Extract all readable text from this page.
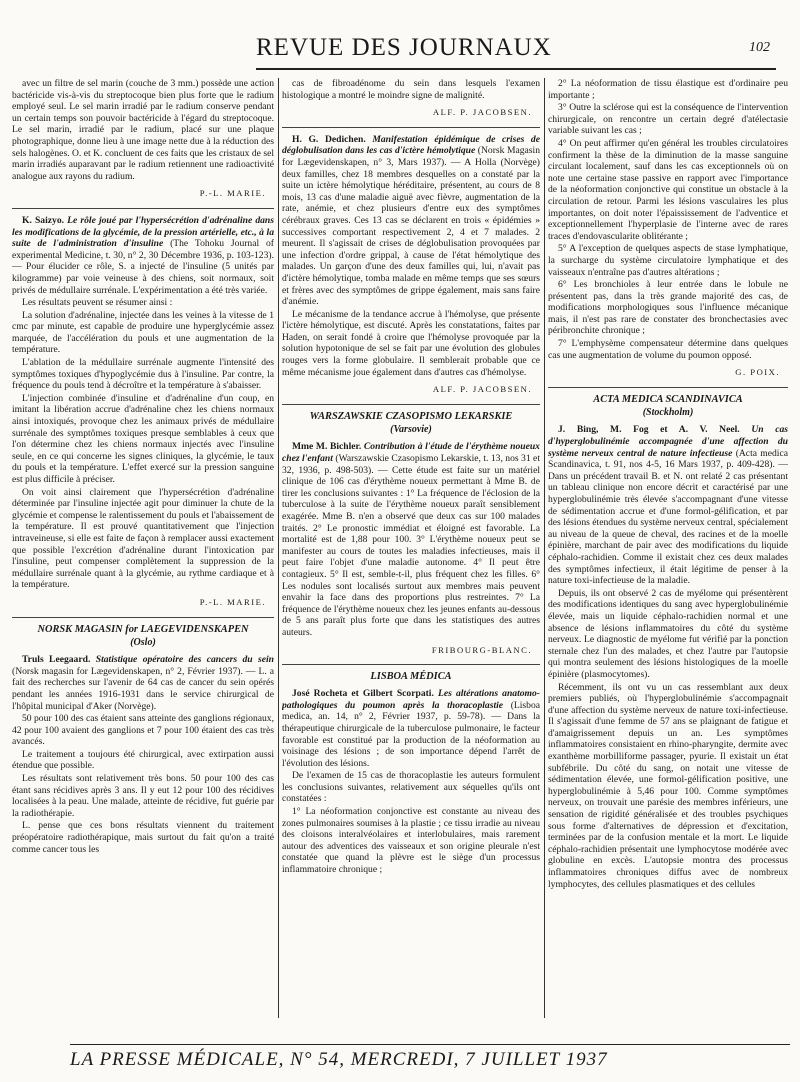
REVUE DES JOURNAUX	102

avec un filtre de sel marin (couche de 3 mm.) possède une action bactéricide vis-à-vis du streptocoque bien plus forte que le radium employé seul. Le sel marin irradié par le radium conserve pendant un certain temps son pouvoir bactéricide à l'égard du streptocoque. Le sel marin, irradié par le radium, placé sur une plaque photographique, donne lieu à une image nette due à la réduction des sels halogènes. O. et K. concluent de ces faits que les cristaux de sel marin irradiés auparavant par le radium retiennent une radioactivité analogue aux rayons du radium.

P.-L. MARIE.

K. Saizyo. Le rôle joué par l'hypersécrétion d'adrénaline dans les modifications de la glycémie, de la pression artérielle, etc., à la suite de l'administration d'insuline (The Tohoku Journal of experimental Medicine, t. 30, n° 2, 30 Décembre 1936, p. 103-123). — Pour élucider ce rôle, S. a injecté de l'insuline (5 unités par kilogramme) par voie veineuse à des chiens, soit normaux, soit privés de médullaire surrénale. L'expérimentation a été très variée.

Les résultats peuvent se résumer ainsi :

La solution d'adrénaline, injectée dans les veines à la vitesse de 1 cmc par minute, est capable de produire une hyperglycémie assez marquée, de l'accélération du pouls et une augmentation de la température.

L'ablation de la médullaire surrénale augmente l'intensité des symptômes toxiques d'hypoglycémie dus à l'insuline. Par contre, la fréquence du pouls tend à décroître et la température à s'abaisser.

L'injection combinée d'insuline et d'adrénaline d'un coup, en imitant la libération accrue d'adrénaline chez les chiens normaux ainsi intoxiqués, provoque chez les animaux privés de médullaire surrénale des symptômes toxiques presque semblables à ceux que l'on détermine chez les chiens normaux injectés avec l'insuline seule, en ce qui concerne les signes cliniques, la glycémie, le taux du pouls et la température. L'effet exercé sur la pression sanguine est plus difficile à préciser.

On voit ainsi clairement que l'hypersécrétion d'adrénaline déterminée par l'insuline injectée agit pour diminuer la chute de la glycémie et compense le ralentissement du pouls et l'abaissement de la température. Il est prouvé quantitativement que l'injection intraveineuse, si elle est faite de façon à remplacer aussi exactement que possible l'excrétion d'adrénaline durant l'intoxication par l'insuline, peut compenser complètement la suppression de la médullaire surrénale quant à la glycémie, au rythme cardiaque et à la température.

P.-L. MARIE.

NORSK MAGASIN for LAEGEVIDENSKAPEN

(Oslo)

Truls Leegaard. Statistique opératoire des cancers du sein (Norsk magasin for Lægevidenskapen, n° 2, Février 1937). — L. a fait des recherches sur l'avenir de 64 cas de cancer du sein opérés pendant les années 1916-1931 dans le service chirurgical de l'hôpital municipal d'Aker (Norvège).

50 pour 100 des cas étaient sans atteinte des ganglions régionaux, 42 pour 100 avaient des ganglions et 7 pour 100 étaient des cas très avancés.

Le traitement a toujours été chirurgical, avec extirpation aussi étendue que possible.

Les résultats sont relativement très bons. 50 pour 100 des cas étant sans récidives après 3 ans. Il y eut 12 pour 100 des récidives localisées à la peau. Une malade, atteinte de récidive, fut guérie par la radiothérapie.

L. pense que ces bons résultats viennent du traitement préopératoire radiothérapique, mais surtout du fait qu'on a traité comme cancer tous les

cas de fibroadénome du sein dans lesquels l'examen histologique a montré le moindre signe de malignité.

ALF. P. JACOBSEN.

H. G. Dedichen. Manifestation épidémique de crises de déglobulisation dans les cas d'ictère hémolytique (Norsk Magasin for Lægevidenskapen, n° 3, Mars 1937). — A Holla (Norvège) deux familles, chez 18 membres desquelles on a constaté par la suite un ictère hémolytique héréditaire, présentent, au cours de 8 mois, 13 cas d'une maladie aiguë avec fièvre, augmentation de la rate, anémie, et chez plusieurs d'entre eux des symptômes cérébraux graves. Ces 13 cas se déclarent en trois « épidémies » successives comportant respectivement 2, 4 et 7 malades. 2 meurent. Il s'agissait de crises de déglobulisation provoquées par une infection d'ordre grippal, à cause de l'état hémolytique des malades. Un garçon d'une des deux familles qui, lui, n'avait pas d'ictère hémolytique, tomba malade en même temps que ses sœurs et frères avec des symptômes de grippe également, mais sans faire d'anémie.

Le mécanisme de la tendance accrue à l'hémolyse, que présente l'ictère hémolytique, est discuté. Après les constatations, faites par Haden, on serait fondé à croire que l'hémolyse provoquée par la solution hypotonique de sel se fait par une évolution des globules rouges vers la forme globulaire. Il semblerait probable que ce même mécanisme joue également dans d'autres cas d'hémolyse.

ALF. P. JACOBSEN.

WARSZAWSKIE CZASOPISMO LEKARSKIE

(Varsovie)

Mme M. Bichler. Contribution à l'étude de l'érythème noueux chez l'enfant (Warszawskie Czasopismo Lekarskie, t. 13, nos 31 et 32, 1936, p. 498-503). — Cette étude est faite sur un matériel clinique de 106 cas d'érythème noueux permettant à Mme B. de tirer les conclusions suivantes : 1° La fréquence de l'éclosion de la tuberculose à la suite de l'érythème noueux paraît sensiblement exagérée. Mme B. n'en a observé que deux cas sur 100 malades traités. 2° Le pronostic immédiat et éloigné est favorable. La mortalité est de 1,88 pour 100. 3° L'érythème noueux peut se manifester au cours de toutes les maladies infectieuses, mais il peut faire l'objet d'une maladie autonome. 4° Il peut être contagieux. 5° Il est, semble-t-il, plus fréquent chez les filles. 6° Les nodules sont localisés surtout aux membres mais peuvent envahir la face dans des proportions plus restreintes. 7° La fréquence de l'érythème noueux chez les jeunes enfants au-dessous de 5 ans paraît plus forte que dans les statistiques des autres auteurs.

FRIBOURG-BLANC.

LISBOA MÉDICA

José Rocheta et Gilbert Scorpati. Les altérations anatomo-pathologiques du poumon après la thoracoplastie (Lisboa medica, an. 14, n° 2, Février 1937, p. 59-78). — Dans la thérapeutique chirurgicale de la tuberculose pulmonaire, le facteur favorable est constitué par la production de la néoformation au voisinage des lésions ; de son importance dépend l'arrêt de l'évolution des lésions.

De l'examen de 15 cas de thoracoplastie les auteurs formulent les conclusions suivantes, relativement aux séquelles qu'ils ont constatées :

1° La néoformation conjonctive est constante au niveau des zones pulmonaires soumises à la plastie ; ce tissu irradie au niveau des cloisons interalvéolaires et interlobulaires, mais rarement autour des adventices des vaisseaux et son origine pleurale n'est constatée que quand la plèvre est le siège d'un processus inflammatoire chronique ;

2° La néoformation de tissu élastique est d'ordinaire peu importante ;

3° Outre la sclérose qui est la conséquence de l'intervention chirurgicale, on rencontre un certain degré d'atélectasie variable suivant les cas ;

4° On peut affirmer qu'en général les troubles circulatoires confirment la thèse de la diminution de la masse sanguine circulant localement, sauf dans les cas exceptionnels où on note une certaine stase passive en rapport avec l'importance de la néoformation conjonctive qui constitue un obstacle à la circulation de retour. Parmi les lésions vasculaires les plus importantes, on doit noter l'épaississement de l'adventice et exceptionnellement l'hyperplasie de l'interne avec de rares traces d'endovascularite oblitérante ;

5° A l'exception de quelques aspects de stase lymphatique, la surcharge du système circulatoire lymphatique et des vaisseaux n'entraîne pas d'autres altérations ;

6° Les bronchioles à leur entrée dans le lobule ne présentent pas, dans la très grande majorité des cas, de modifications morphologiques sous l'influence mécanique mais, il n'est pas rare de constater des bronchectasies avec péribronchite chronique ;

7° L'emphysème compensateur détermine dans quelques cas une augmentation de volume du poumon opposé.

G. POIX.

ACTA MEDICA SCANDINAVICA

(Stockholm)

J. Bing, M. Fog et A. V. Neel. Un cas d'hyperglobulinémie accompagnée d'une affection du système nerveux central de nature infectieuse (Acta medica Scandinavica, t. 91, nos 4-5, 16 Mars 1937, p. 409-428). — Dans un précédent travail B. et N. ont relaté 2 cas présentant un tableau clinique non encore décrit et caractérisé par une hyperglobulinémie très élevée s'accompagnant d'une vitesse de sédimentation accrue et d'une formol-gélification, et par des lésions étendues du système nerveux central, spécialement au niveau de la queue de cheval, des racines et de la moelle épinière, marchant de pair avec des modifications du liquide céphalo-rachidien. Comme il existait chez ces deux malades des symptômes infectieux, il était légitime de penser à la nature toxi-infectieuse de la maladie.

Depuis, ils ont observé 2 cas de myélome qui présentèrent des modifications identiques du sang avec hyperglobulinémie élevée, mais un liquide céphalo-rachidien normal et une absence de lésions inflammatoires du côté du système nerveux. Le diagnostic de myélome fut vérifié par la ponction sternale chez l'un des malades, et chez l'autre par l'autopsie qui montra seulement des lésions histologiques de la moelle épinière (plasmocytomes).

Récemment, ils ont vu un cas ressemblant aux deux premiers publiés, où l'hyperglobulinémie s'accompagnait d'une affection du système nerveux de nature toxi-infectieuse. Il s'agissait d'une femme de 57 ans se plaignant de fatigue et d'amaigrissement depuis un an. Les symptômes inflammatoires consistaient en rhino-pharyngite, dermite avec exanthème morbilliforme passager, pyurie. Il existait un état subfébrile. Du côté du sang, on notait une vitesse de sédimentation élevée, une formol-gélification positive, une hyperglobulinémie à 5,46 pour 100. Comme symptômes nerveux, on trouvait une parésie des membres inférieurs, une sensation de rigidité généralisée et des troubles psychiques sous forme d'alternatives de dépression et d'excitation, terminées par de la confusion mentale et la mort. Le liquide céphalo-rachidien présentait une lymphocytose modérée avec globuline en excès. L'autopsie montra des processus inflammatoires chroniques diffus avec de nombreux lymphocytes, des cellules plasmatiques et des cellules

LA PRESSE MÉDICALE, N° 54, MERCREDI, 7 JUILLET 1937
